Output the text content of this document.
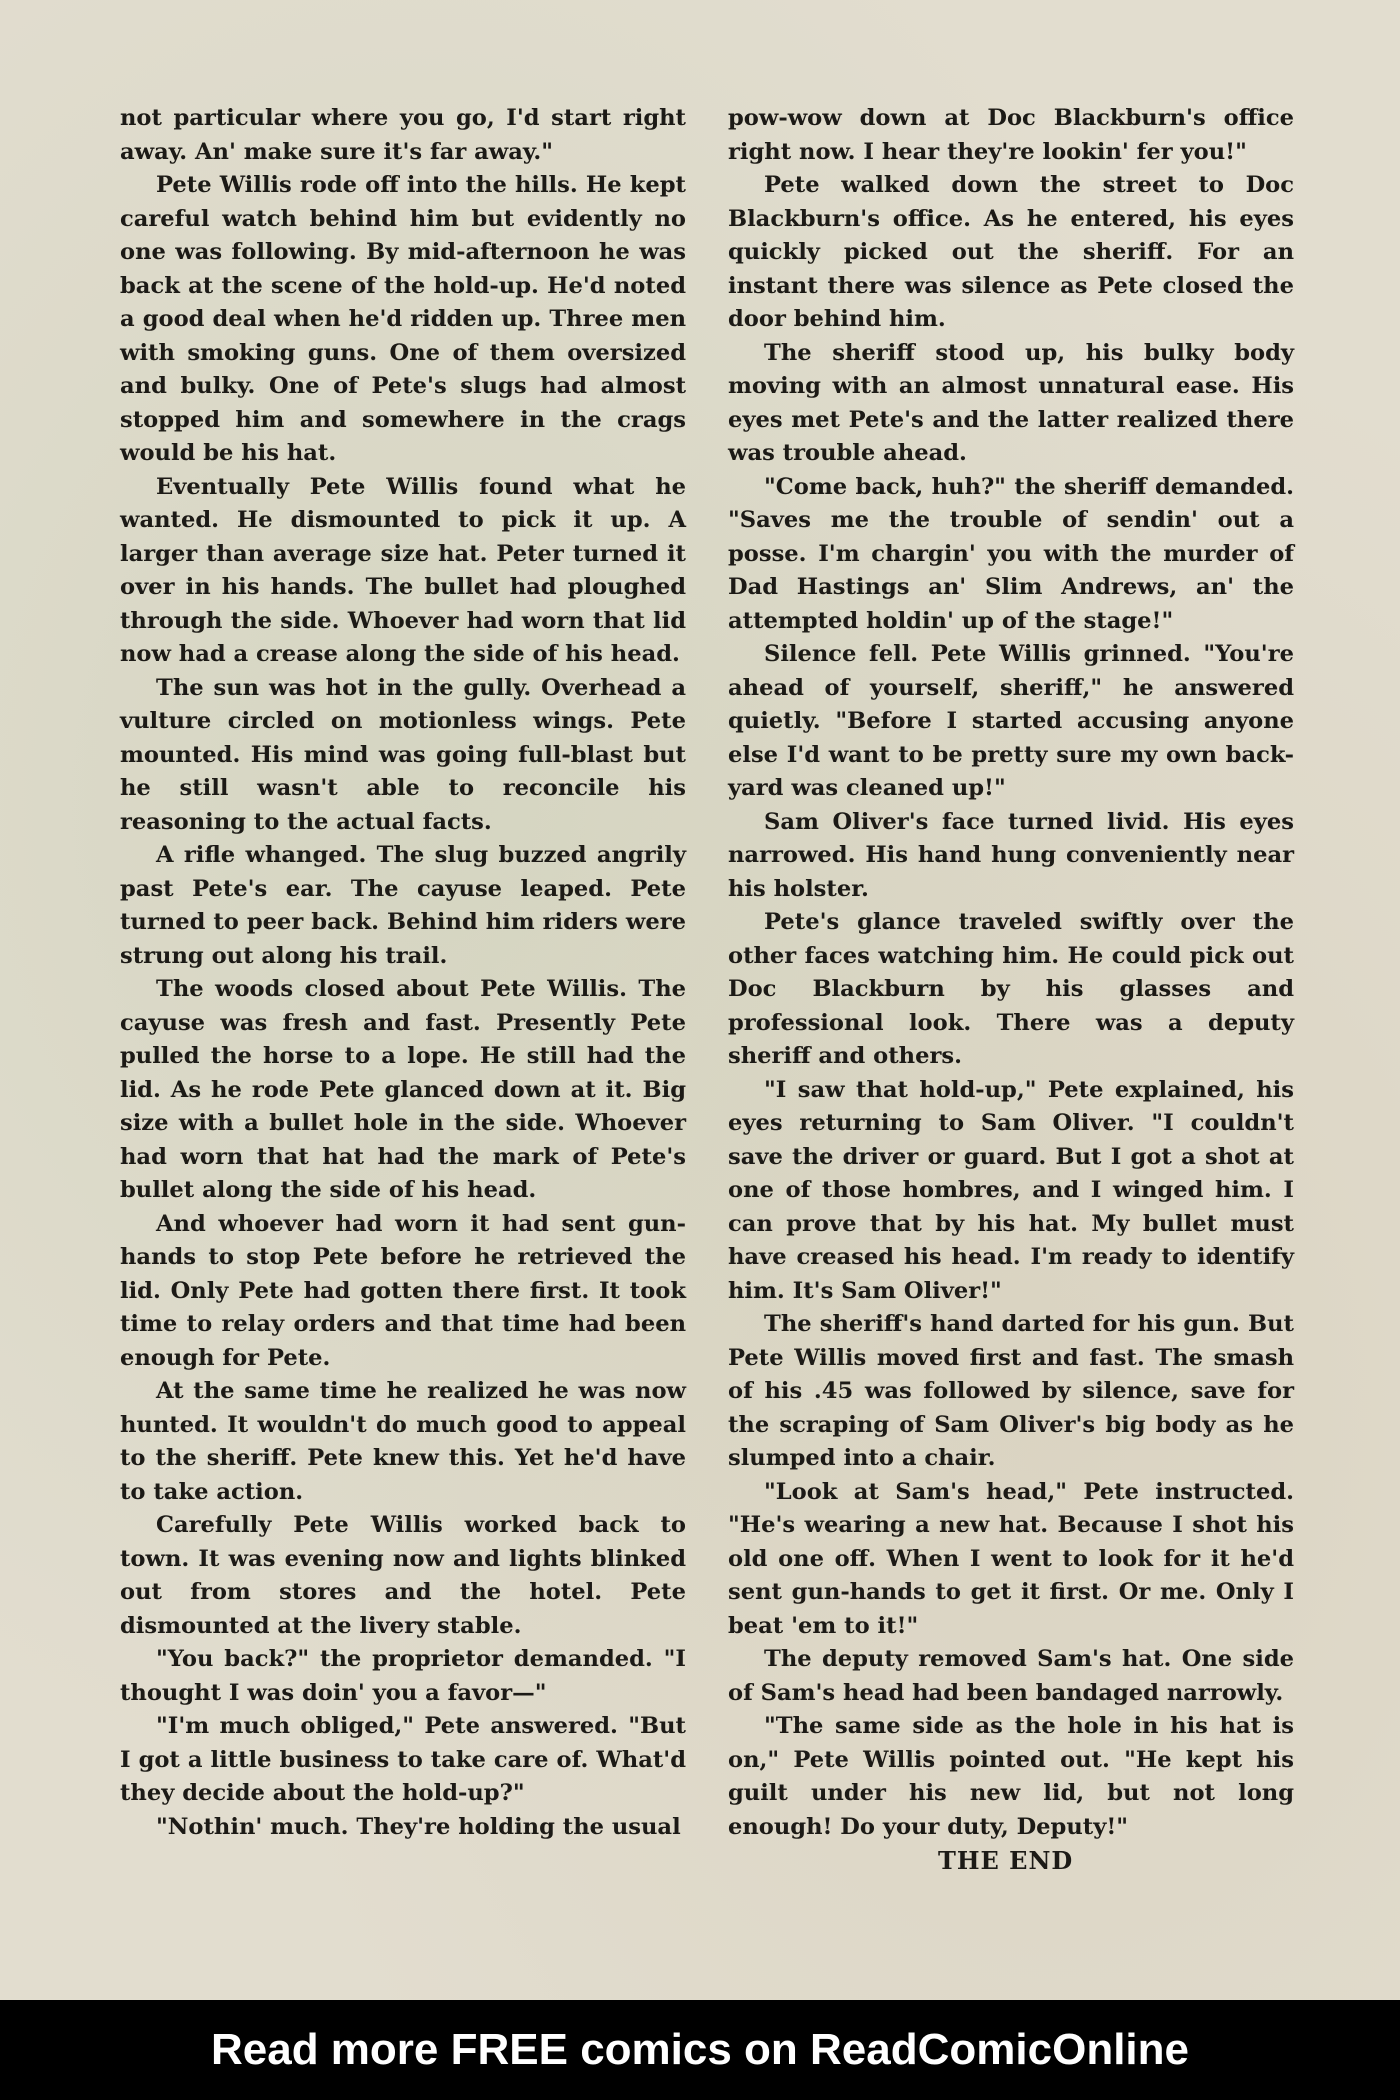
not particular where you go, I'd start right away. An' make sure it's far away."

Pete Willis rode off into the hills. He kept careful watch behind him but evidently no one was following. By mid-afternoon he was back at the scene of the hold-up. He'd noted a good deal when he'd ridden up. Three men with smoking guns. One of them oversized and bulky. One of Pete's slugs had almost stopped him and somewhere in the crags would be his hat.

Eventually Pete Willis found what he wanted. He dismounted to pick it up. A larger than average size hat. Peter turned it over in his hands. The bullet had ploughed through the side. Whoever had worn that lid now had a crease along the side of his head.

The sun was hot in the gully. Overhead a vulture circled on motionless wings. Pete mounted. His mind was going full-blast but he still wasn't able to reconcile his reasoning to the actual facts.

A rifle whanged. The slug buzzed angrily past Pete's ear. The cayuse leaped. Pete turned to peer back. Behind him riders were strung out along his trail.

The woods closed about Pete Willis. The cayuse was fresh and fast. Presently Pete pulled the horse to a lope. He still had the lid. As he rode Pete glanced down at it. Big size with a bullet hole in the side. Whoever had worn that hat had the mark of Pete's bullet along the side of his head.

And whoever had worn it had sent gun-hands to stop Pete before he retrieved the lid. Only Pete had gotten there first. It took time to relay orders and that time had been enough for Pete.

At the same time he realized he was now hunted. It wouldn't do much good to appeal to the sheriff. Pete knew this. Yet he'd have to take action.

Carefully Pete Willis worked back to town. It was evening now and lights blinked out from stores and the hotel. Pete dismounted at the livery stable.

"You back?" the proprietor demanded. "I thought I was doin' you a favor—"

"I'm much obliged," Pete answered. "But I got a little business to take care of. What'd they decide about the hold-up?"

"Nothin' much. They're holding the usual

pow-wow down at Doc Blackburn's office right now. I hear they're lookin' fer you!"

Pete walked down the street to Doc Blackburn's office. As he entered, his eyes quickly picked out the sheriff. For an instant there was silence as Pete closed the door behind him.

The sheriff stood up, his bulky body moving with an almost unnatural ease. His eyes met Pete's and the latter realized there was trouble ahead.

"Come back, huh?" the sheriff demanded. "Saves me the trouble of sendin' out a posse. I'm chargin' you with the murder of Dad Hastings an' Slim Andrews, an' the attempted holdin' up of the stage!"

Silence fell. Pete Willis grinned. "You're ahead of yourself, sheriff," he answered quietly. "Before I started accusing anyone else I'd want to be pretty sure my own back-yard was cleaned up!"

Sam Oliver's face turned livid. His eyes narrowed. His hand hung conveniently near his holster.

Pete's glance traveled swiftly over the other faces watching him. He could pick out Doc Blackburn by his glasses and professional look. There was a deputy sheriff and others.

"I saw that hold-up," Pete explained, his eyes returning to Sam Oliver. "I couldn't save the driver or guard. But I got a shot at one of those hombres, and I winged him. I can prove that by his hat. My bullet must have creased his head. I'm ready to identify him. It's Sam Oliver!"

The sheriff's hand darted for his gun. But Pete Willis moved first and fast. The smash of his .45 was followed by silence, save for the scraping of Sam Oliver's big body as he slumped into a chair.

"Look at Sam's head," Pete instructed. "He's wearing a new hat. Because I shot his old one off. When I went to look for it he'd sent gun-hands to get it first. Or me. Only I beat 'em to it!"

The deputy removed Sam's hat. One side of Sam's head had been bandaged narrowly.

"The same side as the hole in his hat is on," Pete Willis pointed out. "He kept his guilt under his new lid, but not long enough! Do your duty, Deputy!"

THE END

Read more FREE comics on ReadComicOnline
